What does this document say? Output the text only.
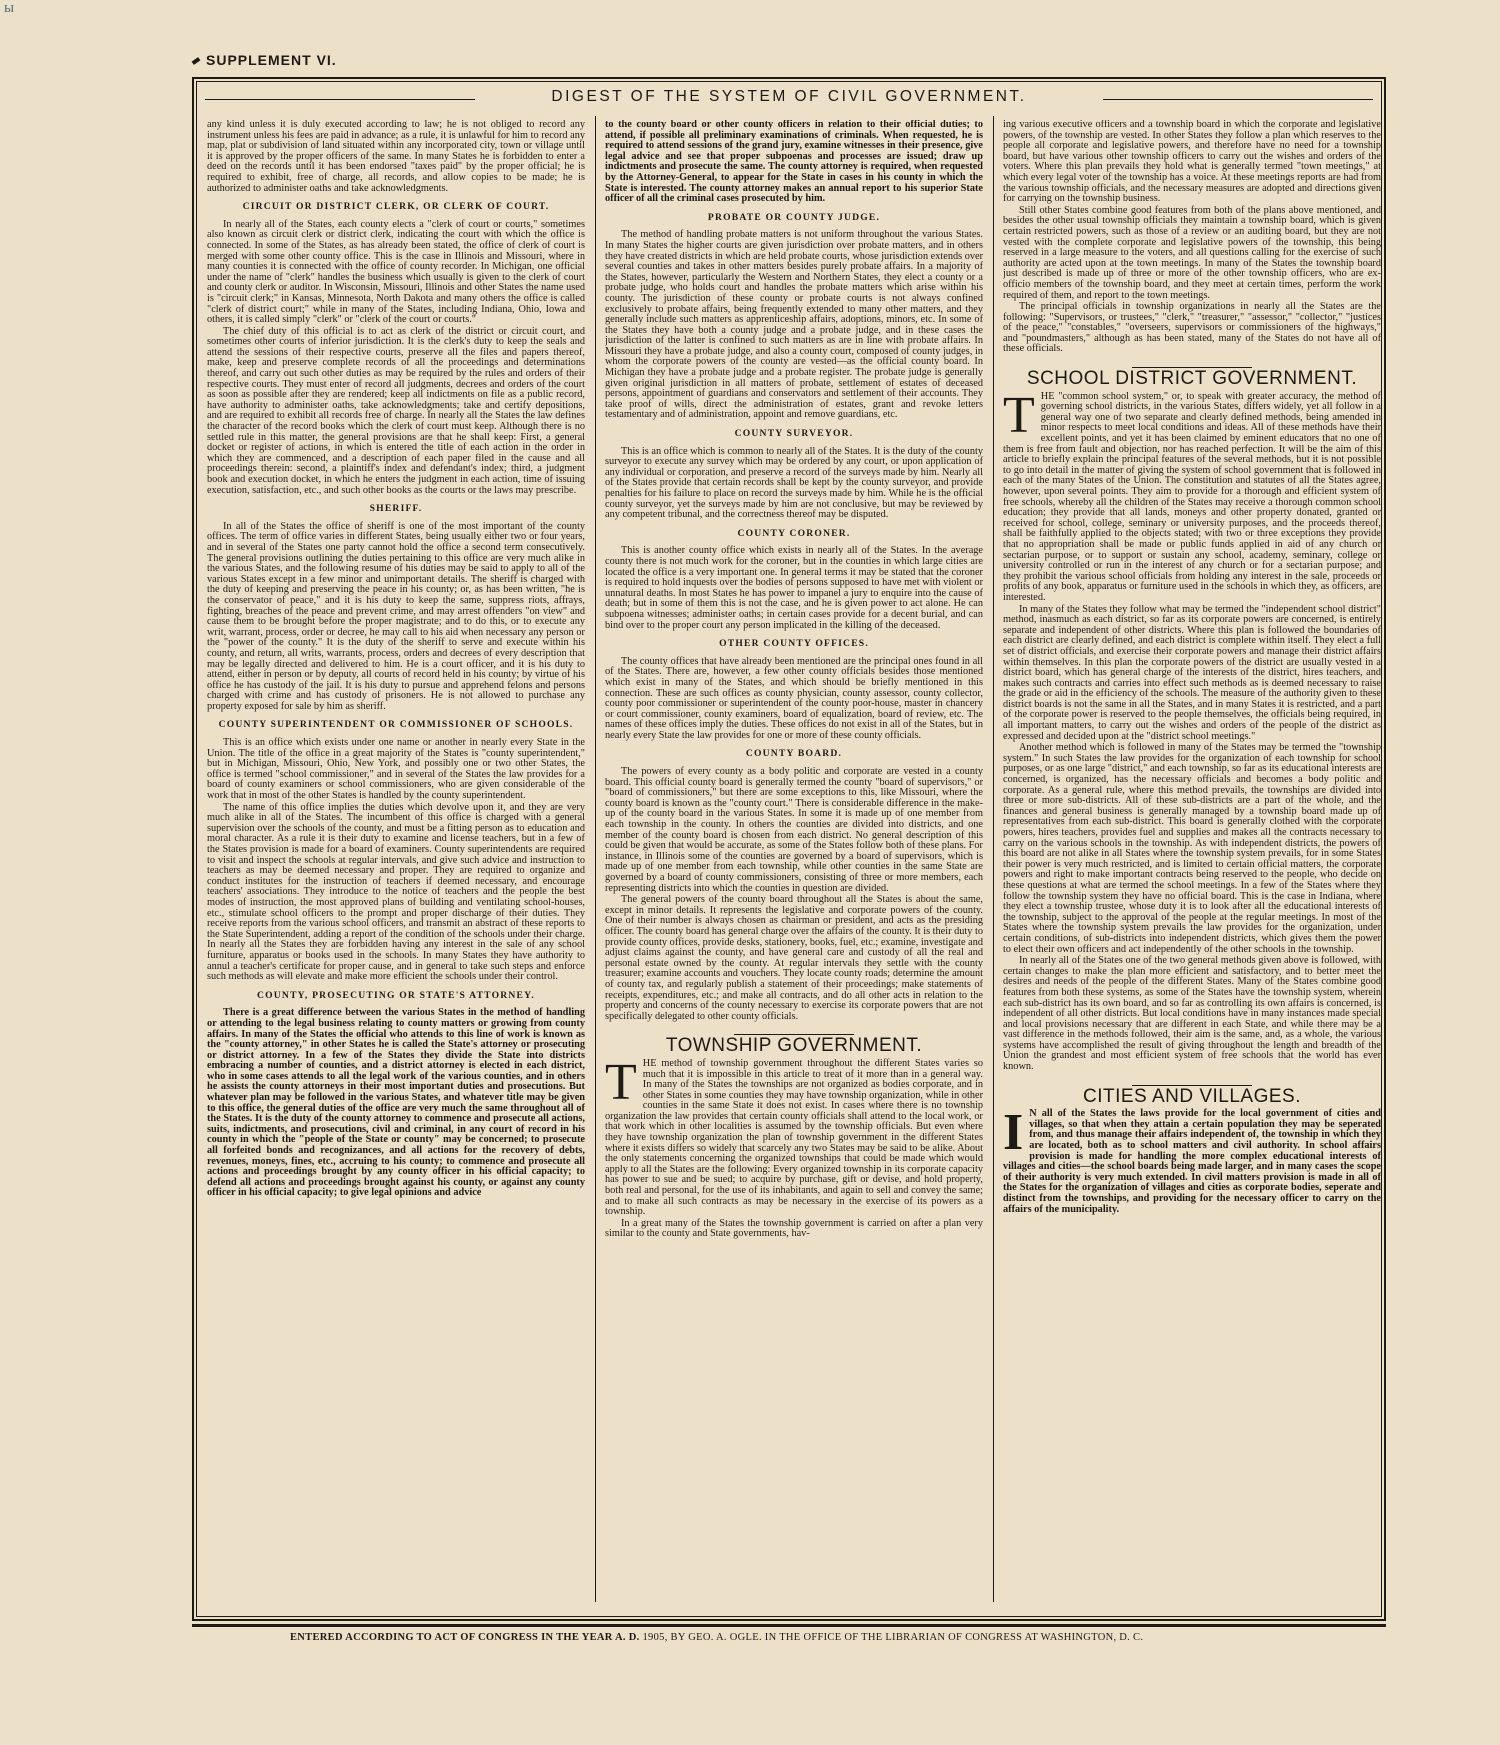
ы
SUPPLEMENT VI.
DIGEST OF THE SYSTEM OF CIVIL GOVERNMENT.

any kind unless it is duly executed according to law; he is not obliged to record any instrument unless his fees are paid in advance; as a rule, it is unlawful for him to record any map, plat or subdivision of land situated within any incorporated city, town or village until it is approved by the proper officers of the same. In many States he is forbidden to enter a deed on the records until it has been endorsed "taxes paid" by the proper official; he is required to exhibit, free of charge, all records, and allow copies to be made; he is authorized to administer oaths and take acknowledgments.

CIRCUIT OR DISTRICT CLERK, OR CLERK OF COURT.

In nearly all of the States, each county elects a "clerk of court or courts," sometimes also known as circuit clerk or district clerk, indicating the court with which the office is connected. In some of the States, as has already been stated, the office of clerk of court is merged with some other county office. This is the case in Illinois and Missouri, where in many counties it is connected with the office of county recorder. In Michigan, one official under the name of "clerk" handles the business which usually is given to the clerk of court and county clerk or auditor. In Wisconsin, Missouri, Illinois and other States the name used is "circuit clerk;" in Kansas, Minnesota, North Dakota and many others the office is called "clerk of district court;" while in many of the States, including Indiana, Ohio, Iowa and others, it is called simply "clerk" or "clerk of the court or courts."

The chief duty of this official is to act as clerk of the district or circuit court, and sometimes other courts of inferior jurisdiction. It is the clerk's duty to keep the seals and attend the sessions of their respective courts, preserve all the files and papers thereof, make, keep and preserve complete records of all the proceedings and determinations thereof, and carry out such other duties as may be required by the rules and orders of their respective courts. They must enter of record all judgments, decrees and orders of the court as soon as possible after they are rendered; keep all indictments on file as a public record, have authority to administer oaths, take acknowledgments; take and certify depositions, and are required to exhibit all records free of charge. In nearly all the States the law defines the character of the record books which the clerk of court must keep. Although there is no settled rule in this matter, the general provisions are that he shall keep: First, a general docket or register of actions, in which is entered the title of each action in the order in which they are commenced, and a description of each paper filed in the cause and all proceedings therein: second, a plaintiff's index and defendant's index; third, a judgment book and execution docket, in which he enters the judgment in each action, time of issuing execution, satisfaction, etc., and such other books as the courts or the laws may prescribe.

SHERIFF.

In all of the States the office of sheriff is one of the most important of the county offices. The term of office varies in different States, being usually either two or four years, and in several of the States one party cannot hold the office a second term consecutively. The general provisions outlining the duties pertaining to this office are very much alike in the various States, and the following resume of his duties may be said to apply to all of the various States except in a few minor and unimportant details. The sheriff is charged with the duty of keeping and preserving the peace in his county; or, as has been written, "he is the conservator of peace," and it is his duty to keep the same, suppress riots, affrays, fighting, breaches of the peace and prevent crime, and may arrest offenders "on view" and cause them to be brought before the proper magistrate; and to do this, or to execute any writ, warrant, process, order or decree, he may call to his aid when necessary any person or the "power of the county." It is the duty of the sheriff to serve and execute within his county, and return, all writs, warrants, process, orders and decrees of every description that may be legally directed and delivered to him. He is a court officer, and it is his duty to attend, either in person or by deputy, all courts of record held in his county; by virtue of his office he has custody of the jail. It is his duty to pursue and apprehend felons and persons charged with crime and has custody of prisoners. He is not allowed to purchase any property exposed for sale by him as sheriff.

COUNTY SUPERINTENDENT OR COMMISSIONER OF SCHOOLS.

This is an office which exists under one name or another in nearly every State in the Union. The title of the office in a great majority of the States is "county superintendent," but in Michigan, Missouri, Ohio, New York, and possibly one or two other States, the office is termed "school commissioner," and in several of the States the law provides for a board of county examiners or school commissioners, who are given considerable of the work that in most of the other States is handled by the county superintendent.

The name of this office implies the duties which devolve upon it, and they are very much alike in all of the States. The incumbent of this office is charged with a general supervision over the schools of the county, and must be a fitting person as to education and moral character. As a rule it is their duty to examine and license teachers, but in a few of the States provision is made for a board of examiners. County superintendents are required to visit and inspect the schools at regular intervals, and give such advice and instruction to teachers as may be deemed necessary and proper. They are required to organize and conduct institutes for the instruction of teachers if deemed necessary, and encourage teachers' associations. They introduce to the notice of teachers and the people the best modes of instruction, the most approved plans of building and ventilating school-houses, etc., stimulate school officers to the prompt and proper discharge of their duties. They receive reports from the various school officers, and transmit an abstract of these reports to the State Superintendent, adding a report of the condition of the schools under their charge. In nearly all the States they are forbidden having any interest in the sale of any school furniture, apparatus or books used in the schools. In many States they have authority to annul a teacher's certificate for proper cause, and in general to take such steps and enforce such methods as will elevate and make more efficient the schools under their control.

COUNTY, PROSECUTING OR STATE'S ATTORNEY.

There is a great difference between the various States in the method of handling or attending to the legal business relating to county matters or growing from county affairs. In many of the States the official who attends to this line of work is known as the "county attorney," in other States he is called the State's attorney or prosecuting or district attorney. In a few of the States they divide the State into districts embracing a number of counties, and a district attorney is elected in each district, who in some cases attends to all the legal work of the various counties, and in others he assists the county attorneys in their most important duties and prosecutions. But whatever plan may be followed in the various States, and whatever title may be given to this office, the general duties of the office are very much the same throughout all of the States. It is the duty of the county attorney to commence and prosecute all actions, suits, indictments, and prosecutions, civil and criminal, in any court of record in his county in which the "people of the State or county" may be concerned; to prosecute all forfeited bonds and recognizances, and all actions for the recovery of debts, revenues, moneys, fines, etc., accruing to his county; to commence and prosecute all actions and proceedings brought by any county officer in his official capacity; to defend all actions and proceedings brought against his county, or against any county officer in his official capacity; to give legal opinions and advice

to the county board or other county officers in relation to their official duties; to attend, if possible all preliminary examinations of criminals. When requested, he is required to attend sessions of the grand jury, examine witnesses in their presence, give legal advice and see that proper subpoenas and processes are issued; draw up indictments and prosecute the same. The county attorney is required, when requested by the Attorney-General, to appear for the State in cases in his county in which the State is interested. The county attorney makes an annual report to his superior State officer of all the criminal cases prosecuted by him.

PROBATE OR COUNTY JUDGE.

The method of handling probate matters is not uniform throughout the various States. In many States the higher courts are given jurisdiction over probate matters, and in others they have created districts in which are held probate courts, whose jurisdiction extends over several counties and takes in other matters besides purely probate affairs. In a majority of the States, however, particularly the Western and Northern States, they elect a county or a probate judge, who holds court and handles the probate matters which arise within his county. The jurisdiction of these county or probate courts is not always confined exclusively to probate affairs, being frequently extended to many other matters, and they generally include such matters as apprenticeship affairs, adoptions, minors, etc. In some of the States they have both a county judge and a probate judge, and in these cases the jurisdiction of the latter is confined to such matters as are in line with probate affairs. In Missouri they have a probate judge, and also a county court, composed of county judges, in whom the corporate powers of the county are vested—as the official county board. In Michigan they have a probate judge and a probate register. The probate judge is generally given original jurisdiction in all matters of probate, settlement of estates of deceased persons, appointment of guardians and conservators and settlement of their accounts. They take proof of wills, direct the administration of estates, grant and revoke letters testamentary and of administration, appoint and remove guardians, etc.

COUNTY SURVEYOR.

This is an office which is common to nearly all of the States. It is the duty of the county surveyor to execute any survey which may be ordered by any court, or upon application of any individual or corporation, and preserve a record of the surveys made by him. Nearly all of the States provide that certain records shall be kept by the county surveyor, and provide penalties for his failure to place on record the surveys made by him. While he is the official county surveyor, yet the surveys made by him are not conclusive, but may be reviewed by any competent tribunal, and the correctness thereof may be disputed.

COUNTY CORONER.

This is another county office which exists in nearly all of the States. In the average county there is not much work for the coroner, but in the counties in which large cities are located the office is a very important one. In general terms it may be stated that the coroner is required to hold inquests over the bodies of persons supposed to have met with violent or unnatural deaths. In most States he has power to impanel a jury to enquire into the cause of death; but in some of them this is not the case, and he is given power to act alone. He can subpoena witnesses; administer oaths; in certain cases provide for a decent burial, and can bind over to the proper court any person implicated in the killing of the deceased.

OTHER COUNTY OFFICES.

The county offices that have already been mentioned are the principal ones found in all of the States. There are, however, a few other county officials besides those mentioned which exist in many of the States, and which should be briefly mentioned in this connection. These are such offices as county physician, county assessor, county collector, county poor commissioner or superintendent of the county poor-house, master in chancery or court commissioner, county examiners, board of equalization, board of review, etc. The names of these offices imply the duties. These offices do not exist in all of the States, but in nearly every State the law provides for one or more of these county officials.

COUNTY BOARD.

The powers of every county as a body politic and corporate are vested in a county board. This official county board is generally termed the county "board of supervisors," or "board of commissioners," but there are some exceptions to this, like Missouri, where the county board is known as the "county court." There is considerable difference in the make-up of the county board in the various States. In some it is made up of one member from each township in the county. In others the counties are divided into districts, and one member of the county board is chosen from each district. No general description of this could be given that would be accurate, as some of the States follow both of these plans. For instance, in Illinois some of the counties are governed by a board of supervisors, which is made up of one member from each township, while other counties in the same State are governed by a board of county commissioners, consisting of three or more members, each representing districts into which the counties in question are divided.

The general powers of the county board throughout all the States is about the same, except in minor details. It represents the legislative and corporate powers of the county. One of their number is always chosen as chairman or president, and acts as the presiding officer. The county board has general charge over the affairs of the county. It is their duty to provide county offices, provide desks, stationery, books, fuel, etc.; examine, investigate and adjust claims against the county, and have general care and custody of all the real and personal estate owned by the county. At regular intervals they settle with the county treasurer; examine accounts and vouchers. They locate county roads; determine the amount of county tax, and regularly publish a statement of their proceedings; make statements of receipts, expenditures, etc.; and make all contracts, and do all other acts in relation to the property and concerns of the county necessary to exercise its corporate powers that are not specifically delegated to other county officials.

TOWNSHIP GOVERNMENT.

THE method of township government throughout the different States varies so much that it is impossible in this article to treat of it more than in a general way. In many of the States the townships are not organized as bodies corporate, and in other States in some counties they may have township organization, while in other counties in the same State it does not exist. In cases where there is no township organization the law provides that certain county officials shall attend to the local work, or that work which in other localities is assumed by the township officials. But even where they have township organization the plan of township government in the different States where it exists differs so widely that scarcely any two States may be said to be alike. About the only statements concerning the organized townships that could be made which would apply to all the States are the following: Every organized township in its corporate capacity has power to sue and be sued; to acquire by purchase, gift or devise, and hold property, both real and personal, for the use of its inhabitants, and again to sell and convey the same; and to make all such contracts as may be necessary in the exercise of its powers as a township.

In a great many of the States the township government is carried on after a plan very similar to the county and State governments, hav-

ing various executive officers and a township board in which the corporate and legislative powers, of the township are vested. In other States they follow a plan which reserves to the people all corporate and legislative powers, and therefore have no need for a township board, but have various other township officers to carry out the wishes and orders of the voters. Where this plan prevails they hold what is generally termed "town meetings," at which every legal voter of the township has a voice. At these meetings reports are had from the various township officials, and the necessary measures are adopted and directions given for carrying on the township business.

Still other States combine good features from both of the plans above mentioned, and besides the other usual township officials they maintain a township board, which is given certain restricted powers, such as those of a review or an auditing board, but they are not vested with the complete corporate and legislative powers of the township, this being reserved in a large measure to the voters, and all questions calling for the exercise of such authority are acted upon at the town meetings. In many of the States the township board just described is made up of three or more of the other township officers, who are ex-officio members of the township board, and they meet at certain times, perform the work required of them, and report to the town meetings.

The principal officials in township organizations in nearly all the States are the following: "Supervisors, or trustees," "clerk," "treasurer," "assessor," "collector," "justices of the peace," "constables," "overseers, supervisors or commissioners of the highways," and "poundmasters," although as has been stated, many of the States do not have all of these officials.

SCHOOL DISTRICT GOVERNMENT.

THE "common school system," or, to speak with greater accuracy, the method of governing school districts, in the various States, differs widely, yet all follow in a general way one of two separate and clearly defined methods, being amended in minor respects to meet local conditions and ideas. All of these methods have their excellent points, and yet it has been claimed by eminent educators that no one of them is free from fault and objection, nor has reached perfection. It will be the aim of this article to briefly explain the principal features of the several methods, but it is not possible to go into detail in the matter of giving the system of school government that is followed in each of the many States of the Union. The constitution and statutes of all the States agree, however, upon several points. They aim to provide for a thorough and efficient system of free schools, whereby all the children of the States may receive a thorough common school education; they provide that all lands, moneys and other property donated, granted or received for school, college, seminary or university purposes, and the proceeds thereof, shall be faithfully applied to the objects stated; with two or three exceptions they provide that no appropriation shall be made or public funds applied in aid of any church or sectarian purpose, or to support or sustain any school, academy, seminary, college or university controlled or run in the interest of any church or for a sectarian purpose; and they prohibit the various school officials from holding any interest in the sale, proceeds or profits of any book, apparatus or furniture used in the schools in which they, as officers, are interested.

In many of the States they follow what may be termed the "independent school district" method, inasmuch as each district, so far as its corporate powers are concerned, is entirely separate and independent of other districts. Where this plan is followed the boundaries of each district are clearly defined, and each district is complete within itself. They elect a full set of district officials, and exercise their corporate powers and manage their district affairs within themselves. In this plan the corporate powers of the district are usually vested in a district board, which has general charge of the interests of the district, hires teachers, and makes such contracts and carries into effect such methods as is deemed necessary to raise the grade or aid in the efficiency of the schools. The measure of the authority given to these district boards is not the same in all the States, and in many States it is restricted, and a part of the corporate power is reserved to the people themselves, the officials being required, in all important matters, to carry out the wishes and orders of the people of the district as expressed and decided upon at the "district school meetings."

Another method which is followed in many of the States may be termed the "township system." In such States the law provides for the organization of each township for school purposes, or as one large "district," and each township, so far as its educational interests are concerned, is organized, has the necessary officials and becomes a body politic and corporate. As a general rule, where this method prevails, the townships are divided into three or more sub-districts. All of these sub-districts are a part of the whole, and the finances and general business is generally managed by a township board made up of representatives from each sub-district. This board is generally clothed with the corporate powers, hires teachers, provides fuel and supplies and makes all the contracts necessary to carry on the various schools in the township. As with independent districts, the powers of this board are not alike in all States where the township system prevails, for in some States their power is very much restricted, and is limited to certain official matters, the corporate powers and right to make important contracts being reserved to the people, who decide on these questions at what are termed the school meetings. In a few of the States where they follow the township system they have no official board. This is the case in Indiana, where they elect a township trustee, whose duty it is to look after all the educational interests of the township, subject to the approval of the people at the regular meetings. In most of the States where the township system prevails the law provides for the organization, under certain conditions, of sub-districts into independent districts, which gives them the power to elect their own officers and act independently of the other schools in the township.

In nearly all of the States one of the two general methods given above is followed, with certain changes to make the plan more efficient and satisfactory, and to better meet the desires and needs of the people of the different States. Many of the States combine good features from both these systems, as some of the States have the township system, wherein each sub-district has its own board, and so far as controlling its own affairs is concerned, is independent of all other districts. But local conditions have in many instances made special and local provisions necessary that are different in each State, and while there may be a vast difference in the methods followed, their aim is the same, and, as a whole, the various systems have accomplished the result of giving throughout the length and breadth of the Union the grandest and most efficient system of free schools that the world has ever known.

CITIES AND VILLAGES.

I N all of the States the laws provide for the local government of cities and villages, so that when they attain a certain population they may be seperated from, and thus manage their affairs independent of, the township in which they are located, both as to school matters and civil authority. In school affairs provision is made for handling the more complex educational interests of villages and cities—the school boards being made larger, and in many cases the scope of their authority is very much extended. In civil matters provision is made in all of the States for the organization of villages and cities as corporate bodies, seperate and distinct from the townships, and providing for the necessary officer to carry on the affairs of the municipality.

ENTERED ACCORDING TO ACT OF CONGRESS IN THE YEAR A. D. 1905, BY GEO. A. OGLE. IN THE OFFICE OF THE LIBRARIAN OF CONGRESS AT WASHINGTON, D. C.
